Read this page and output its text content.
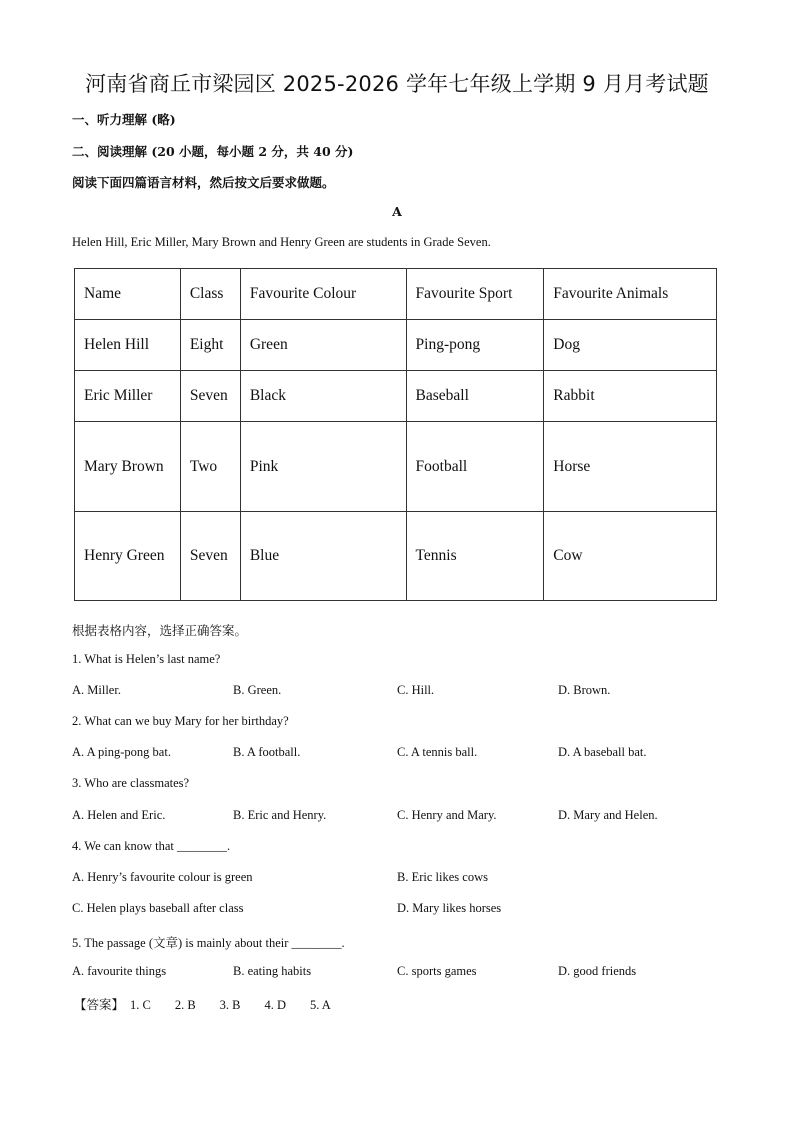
河南省商丘市梁园区 2025-2026 学年七年级上学期 9 月月考试题
一、听力理解 (略)
二、阅读理解 (20 小题，每小题 2 分，共 40 分)
阅读下面四篇语言材料，然后按文后要求做题。
A
Helen Hill, Eric Miller, Mary Brown and Henry Green are students in Grade Seven.
Name	Class	Favourite Colour	Favourite Sport	Favourite Animals
Helen Hill	Eight	Green	Ping-pong	Dog
Eric Miller	Seven	Black	Baseball	Rabbit
Mary Brown	Two	Pink	Football	Horse
Henry Green	Seven	Blue	Tennis	Cow
根据表格内容，选择正确答案。
1. What is Helen’s last name?
A. Miller.	B. Green.	C. Hill.	D. Brown.
2. What can we buy Mary for her birthday?
A. A ping-pong bat.	B. A football.	C. A tennis ball.	D. A baseball bat.
3. Who are classmates?
A. Helen and Eric.	B. Eric and Henry.	C. Henry and Mary.	D. Mary and Helen.
4. We can know that ________.
A. Henry’s favourite colour is green	B. Eric likes cows
C. Helen plays baseball after class	D. Mary likes horses
5. The passage (文章) is mainly about their ________.
A. favourite things	B. eating habits	C. sports games	D. good friends
【答案】 1. C 2. B 3. B 4. D 5. A
